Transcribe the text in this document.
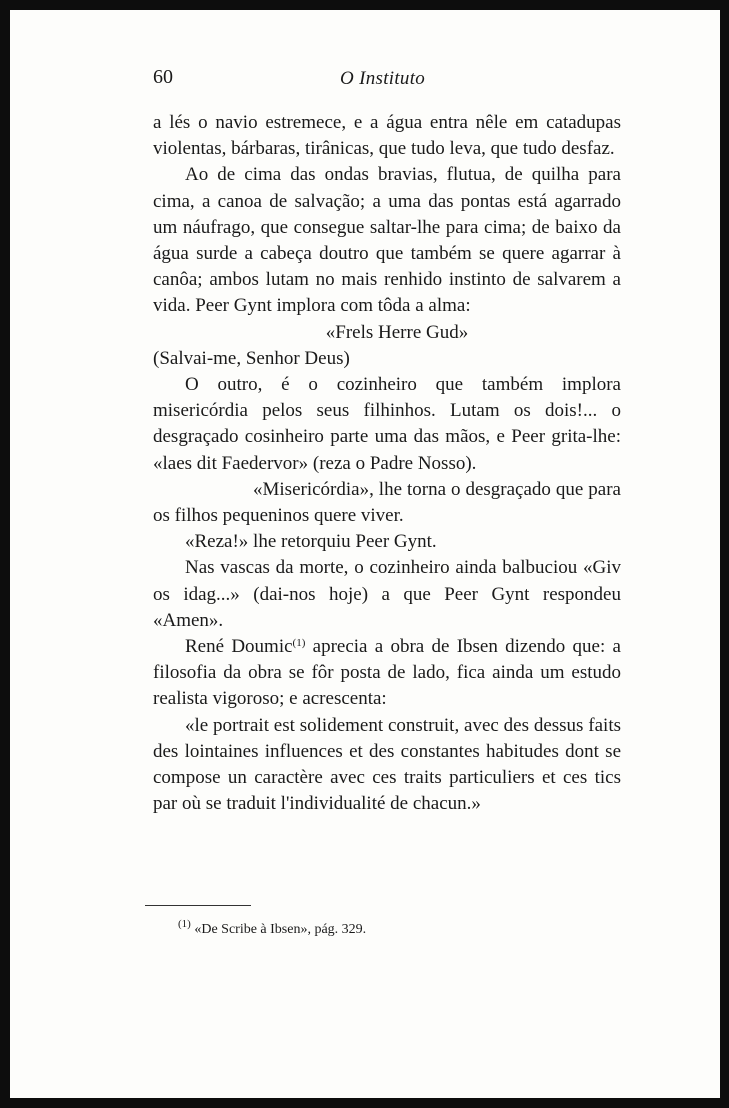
60	O Instituto

a lés o navio estremece, e a água entra nêle em catadupas violentas, bárbaras, tirânicas, que tudo leva, que tudo desfaz.

Ao de cima das ondas bravias, flutua, de quilha para cima, a canoa de salvação; a uma das pontas está agarrado um náufrago, que consegue saltar-lhe para cima; de baixo da água surde a cabeça doutro que também se quere agarrar à canôa; ambos lutam no mais renhido instinto de salvarem a vida. Peer Gynt implora com tôda a alma:

«Frels Herre Gud»

(Salvai-me, Senhor Deus)

O outro, é o cozinheiro que também implora misericórdia pelos seus filhinhos. Lutam os dois!... o desgraçado cosinheiro parte uma das mãos, e Peer grita-lhe: «laes dit Faedervor» (reza o Padre Nosso).

«Misericórdia», lhe torna o desgraçado que para os filhos pequeninos quere viver.

«Reza!» lhe retorquiu Peer Gynt.

Nas vascas da morte, o cozinheiro ainda balbuciou «Giv os idag...» (dai-nos hoje) a que Peer Gynt respondeu «Amen».

René Doumic$^{(1)}$ aprecia a obra de Ibsen dizendo que: a filosofia da obra se fôr posta de lado, fica ainda um estudo realista vigoroso; e acrescenta:

«le portrait est solidement construit, avec des dessus faits des lointaines influences et des constantes habitudes dont se compose un caractère avec ces traits particuliers et ces tics par où se traduit l'individualité de chacun.»

$^{(1)}$ «De Scribe à Ibsen», pág. 329.
